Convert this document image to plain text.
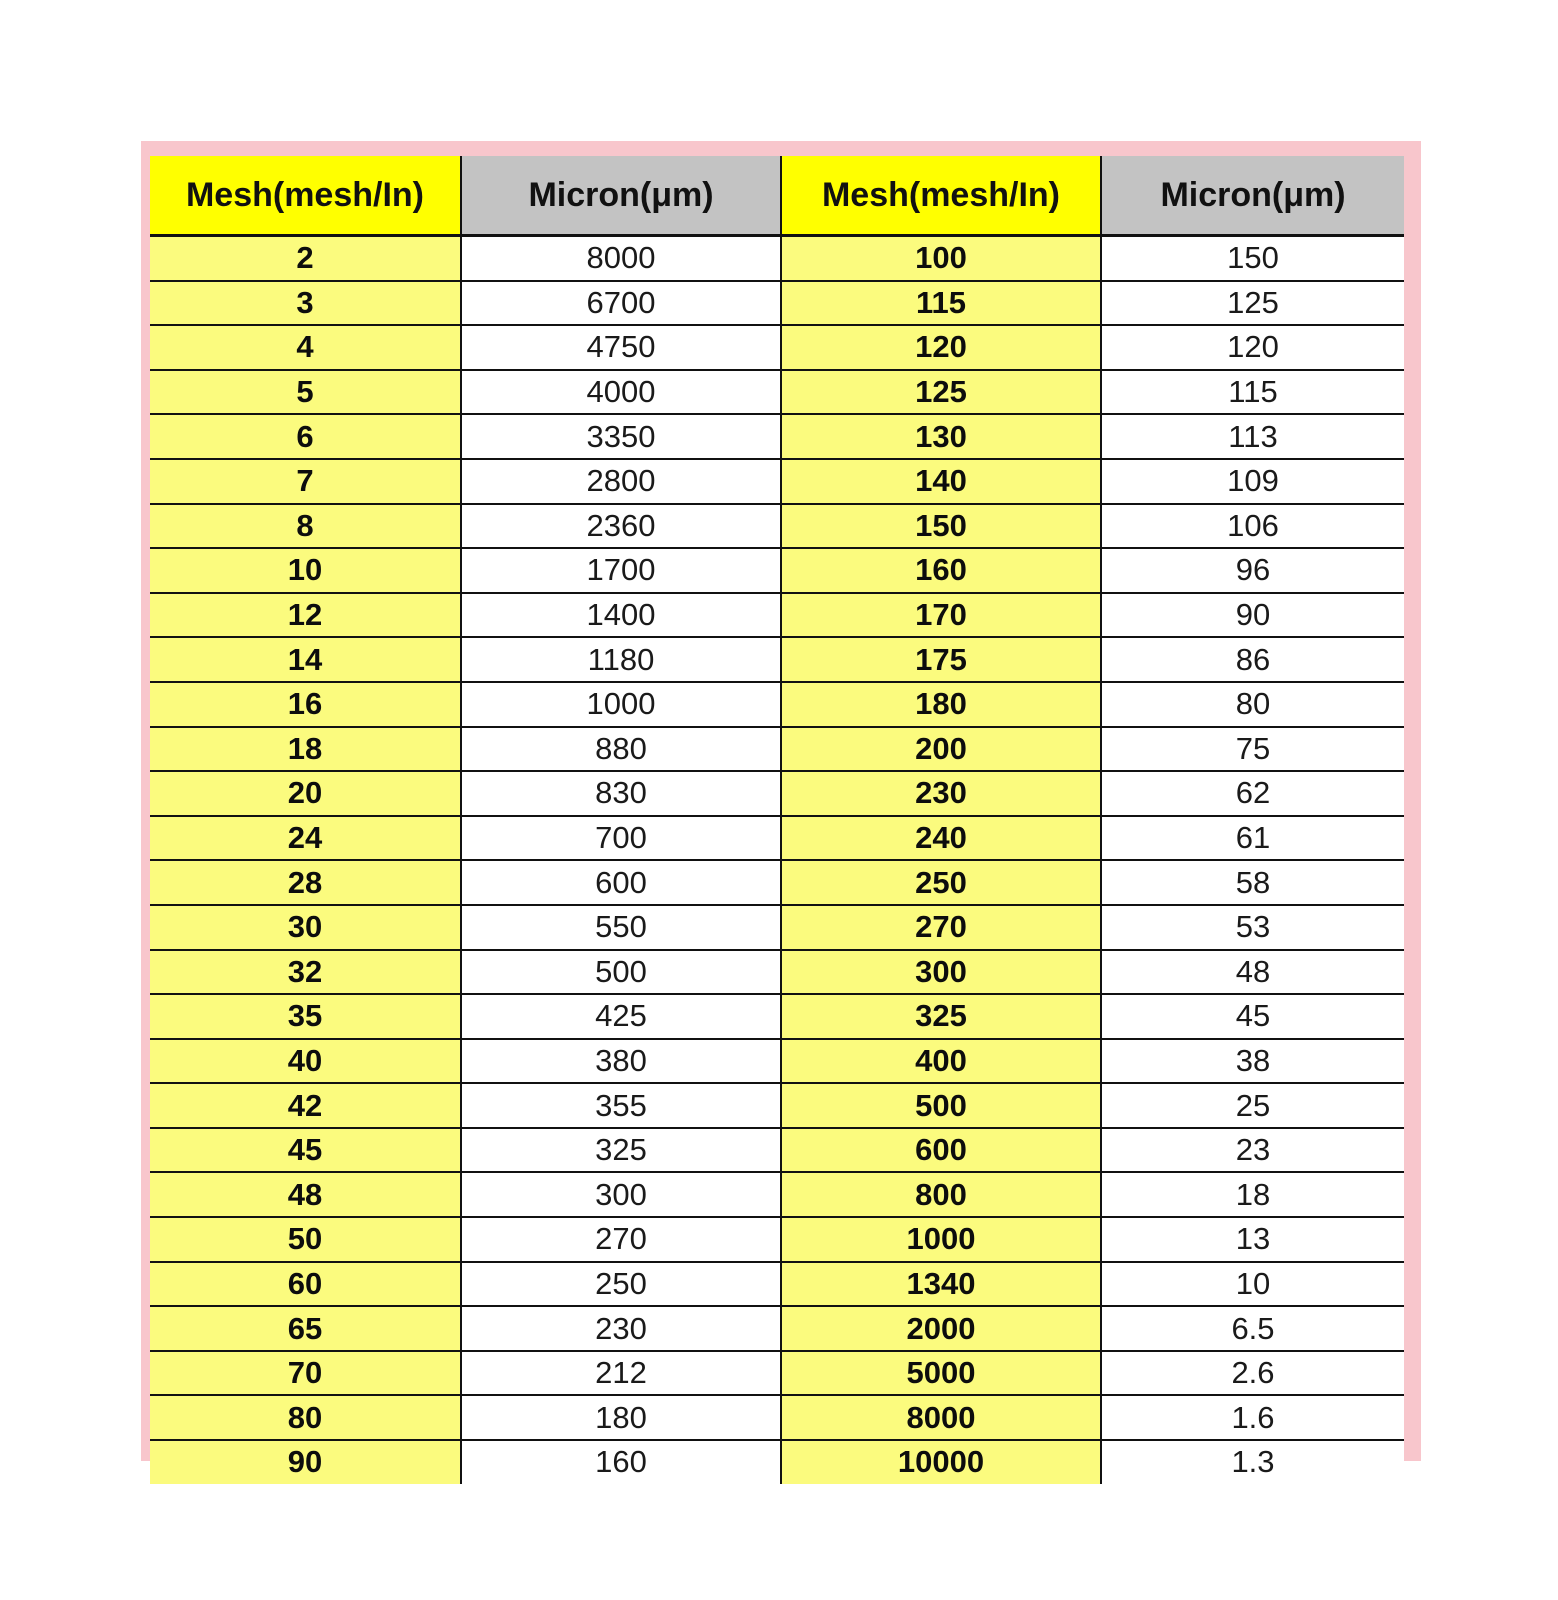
Mesh(mesh/In)	Micron(μm)	Mesh(mesh/In)	Micron(μm)
2	8000	100	150
3	6700	115	125
4	4750	120	120
5	4000	125	115
6	3350	130	113
7	2800	140	109
8	2360	150	106
10	1700	160	96
12	1400	170	90
14	1180	175	86
16	1000	180	80
18	880	200	75
20	830	230	62
24	700	240	61
28	600	250	58
30	550	270	53
32	500	300	48
35	425	325	45
40	380	400	38
42	355	500	25
45	325	600	23
48	300	800	18
50	270	1000	13
60	250	1340	10
65	230	2000	6.5
70	212	5000	2.6
80	180	8000	1.6
90	160	10000	1.3
